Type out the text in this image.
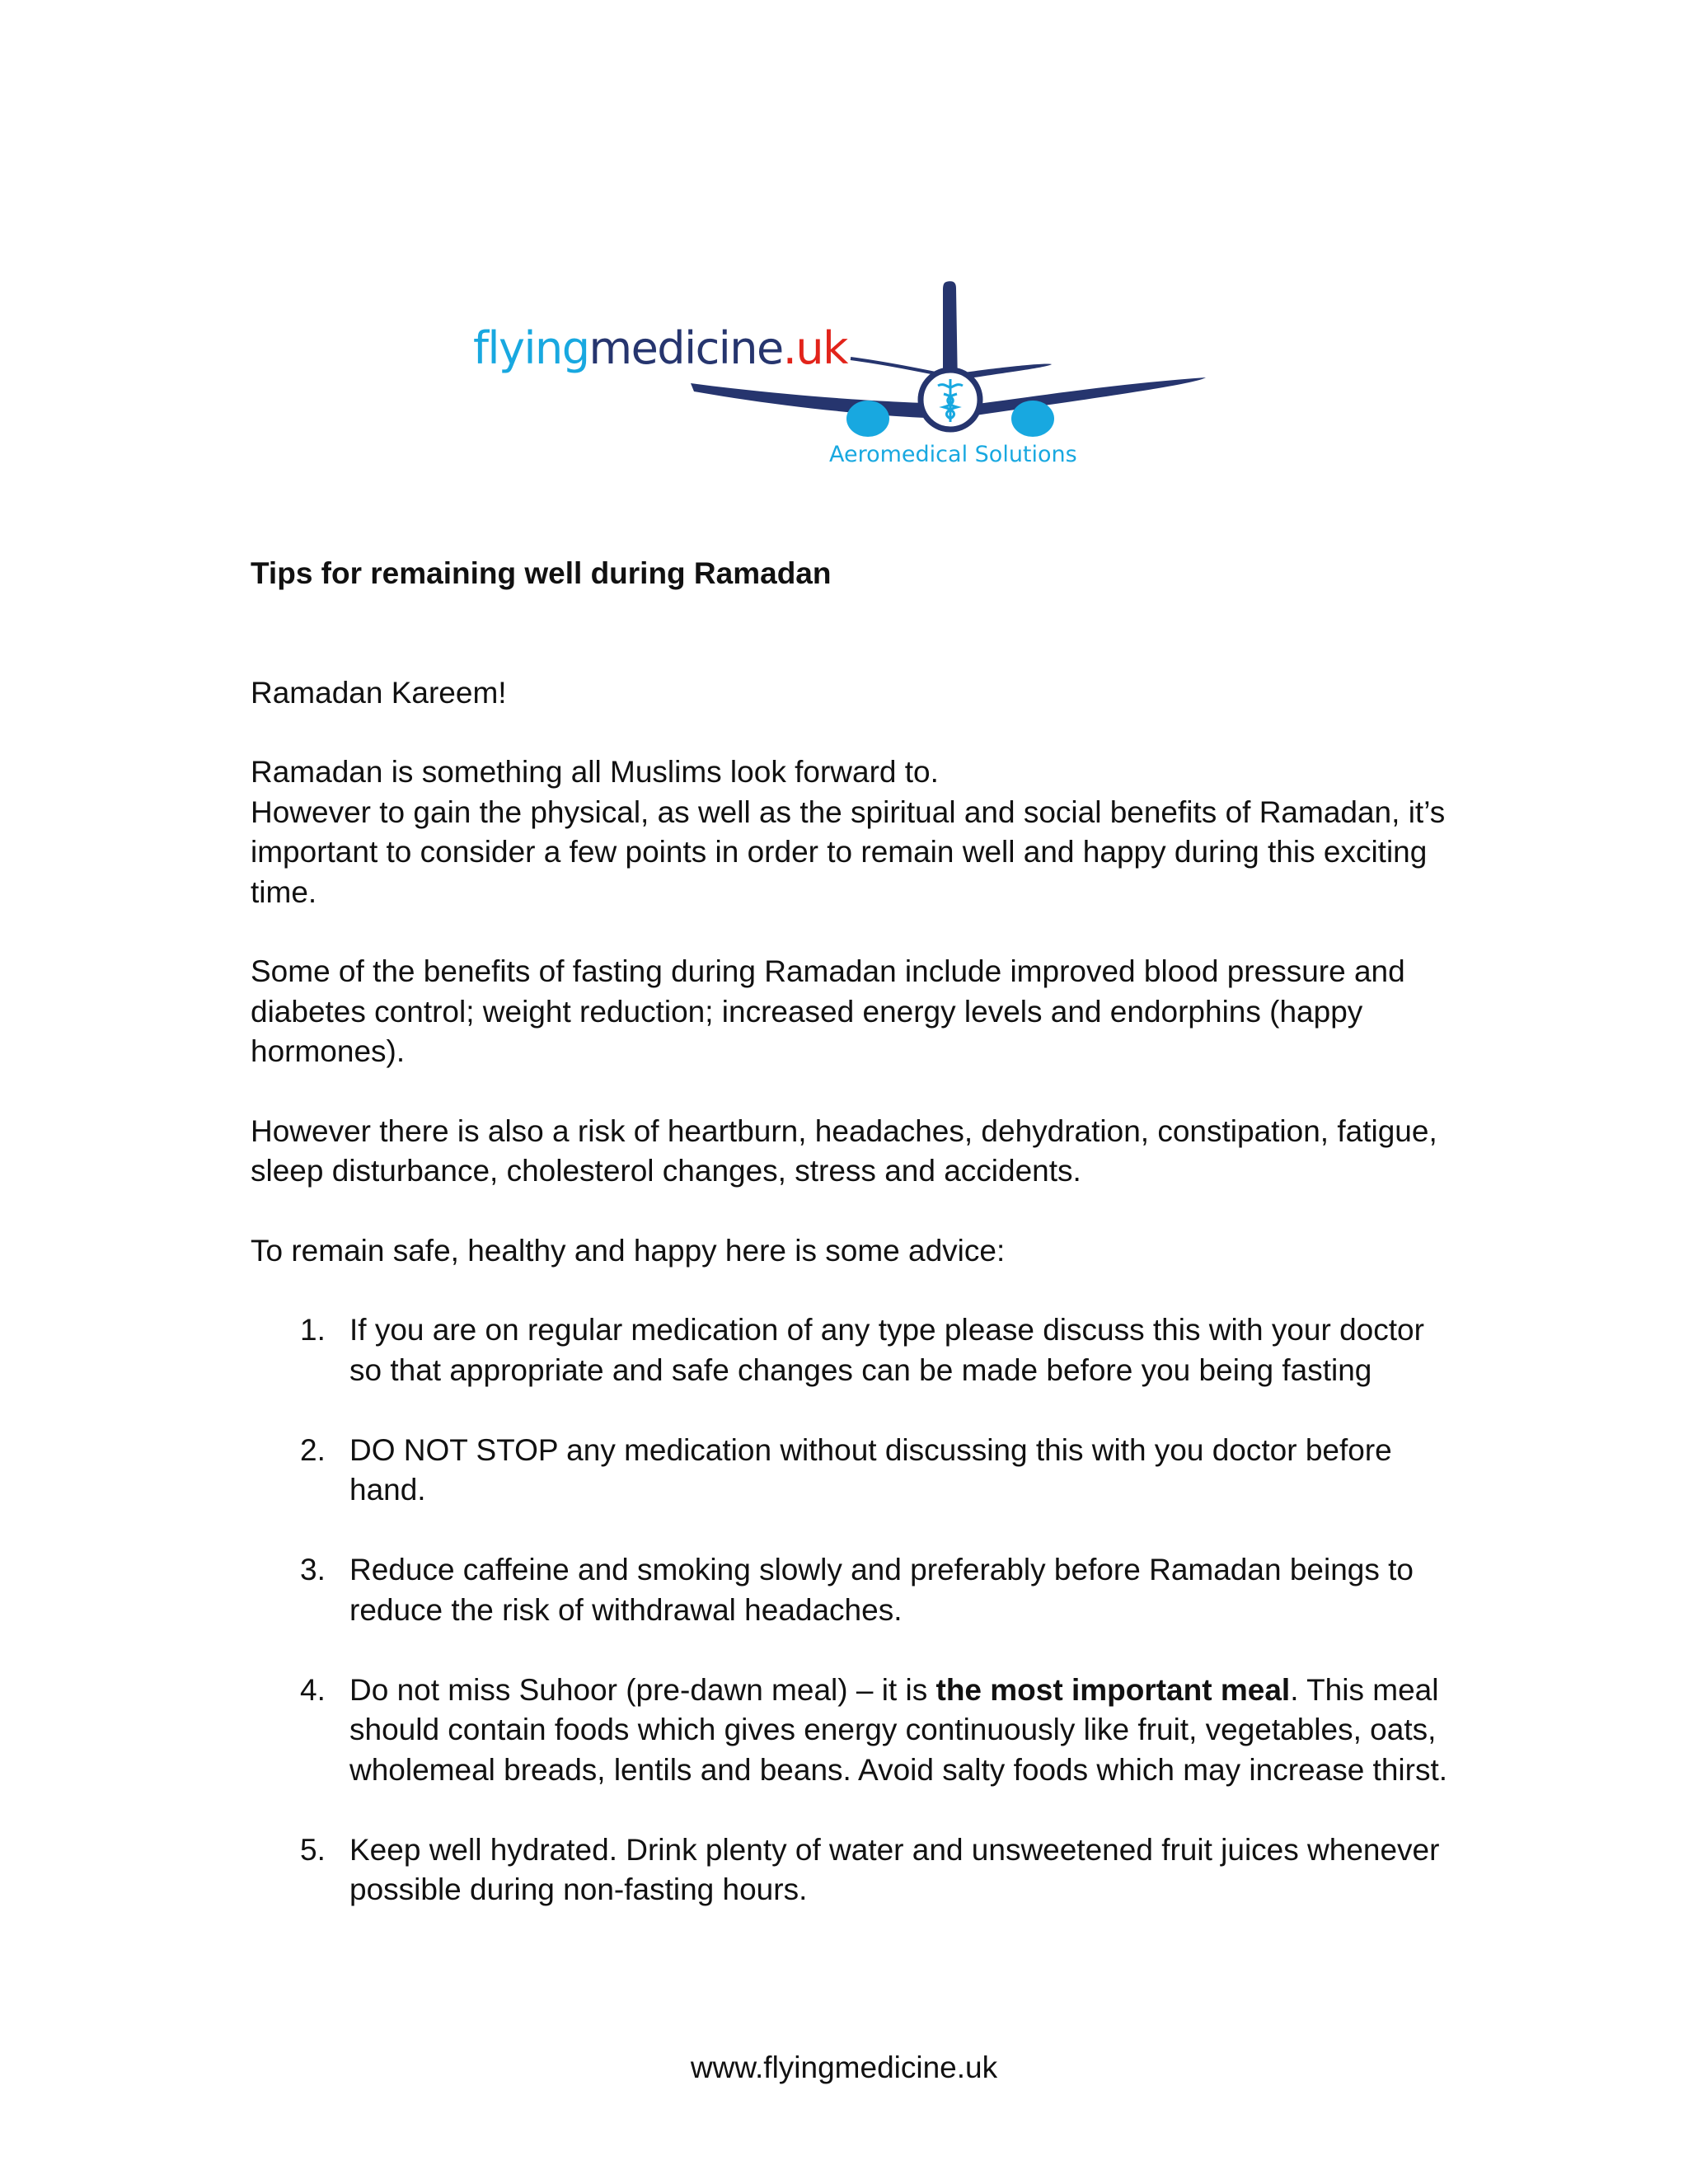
flyingmedicine.uk
Aeromedical Solutions

Tips for remaining well during Ramadan

Ramadan Kareem!

Ramadan is something all Muslims look forward to.
However to gain the physical, as well as the spiritual and social benefits of Ramadan, it’s important to consider a few points in order to remain well and happy during this exciting time.

Some of the benefits of fasting during Ramadan include improved blood pressure and diabetes control; weight reduction; increased energy levels and endorphins (happy hormones).

However there is also a risk of heartburn, headaches, dehydration, constipation, fatigue, sleep disturbance, cholesterol changes, stress and accidents.

To remain safe, healthy and happy here is some advice:

1. If you are on regular medication of any type please discuss this with your doctor so that appropriate and safe changes can be made before you being fasting
2. DO NOT STOP any medication without discussing this with you doctor before hand.
3. Reduce caffeine and smoking slowly and preferably before Ramadan beings to reduce the risk of withdrawal headaches.
4. Do not miss Suhoor (pre-dawn meal) – it is the most important meal. This meal should contain foods which gives energy continuously like fruit, vegetables, oats, wholemeal breads, lentils and beans. Avoid salty foods which may increase thirst.
5. Keep well hydrated. Drink plenty of water and unsweetened fruit juices whenever possible during non-fasting hours.
www.flyingmedicine.uk
